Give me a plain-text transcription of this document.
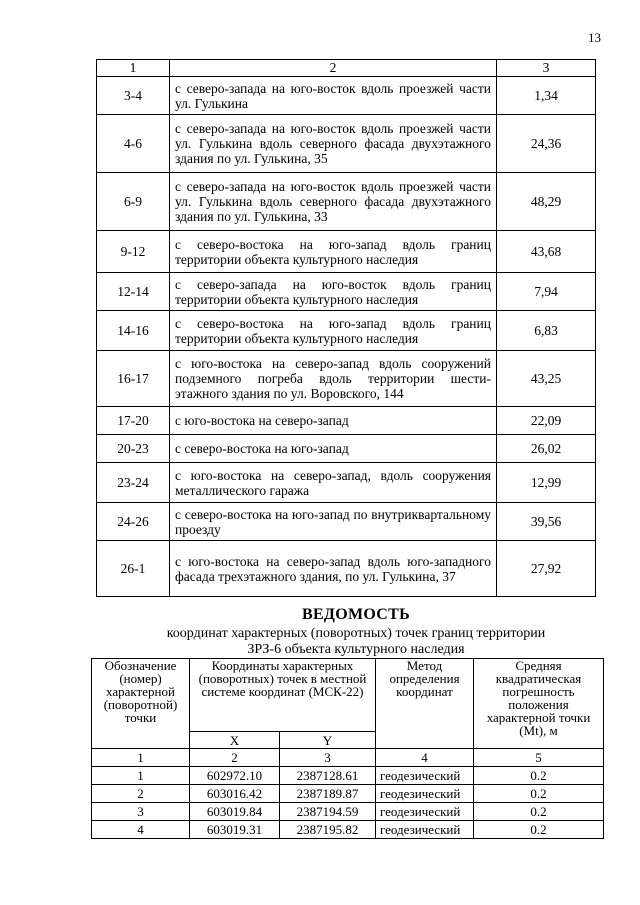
13
1	2	3
3-4	с северо-запада на юго-восток вдоль проезжей части ул. Гулькина	1,34
4-6	с северо-запада на юго-восток вдоль проезжей части ул. Гулькина вдоль северного фасада двухэтажного здания по ул. Гулькина, 35	24,36
6-9	с северо-запада на юго-восток вдоль проезжей части ул. Гулькина вдоль северного фасада двухэтажного здания по ул. Гулькина, 33	48,29
9-12	с северо-востока на юго-запад вдоль границ территории объекта культурного наследия	43,68
12-14	с северо-запада на юго-восток вдоль границ территории объекта культурного наследия	7,94
14-16	с северо-востока на юго-запад вдоль границ территории объекта культурного наследия	6,83
16-17	с юго-востока на северо-запад вдоль сооружений подземного погреба вдоль территории шести-этажного здания по ул. Воровского, 144	43,25
17-20	с юго-востока на северо-запад	22,09
20-23	с северо-востока на юго-запад	26,02
23-24	с юго-востока на северо-запад, вдоль сооружения металлического гаража	12,99
24-26	с северо-востока на юго-запад по внутриквартальному проезду	39,56
26-1	с юго-востока на северо-запад вдоль юго-западного фасада трехэтажного здания, по ул. Гулькина, 37	27,92
ВЕДОМОСТЬ
координат характерных (поворотных) точек границ территории
ЗРЗ-6 объекта культурного наследия
Обозначение (номер) характерной (поворотной) точки	Координаты характерных (поворотных) точек в местной системе координат (МСК-22)		Метод определения координат	Средняя квадратическая погрешность положения характерной точки (Mt), м
	X	Y		
1	2	3	4	5
1	602972.10	2387128.61	геодезический	0.2
2	603016.42	2387189.87	геодезический	0.2
3	603019.84	2387194.59	геодезический	0.2
4	603019.31	2387195.82	геодезический	0.2
